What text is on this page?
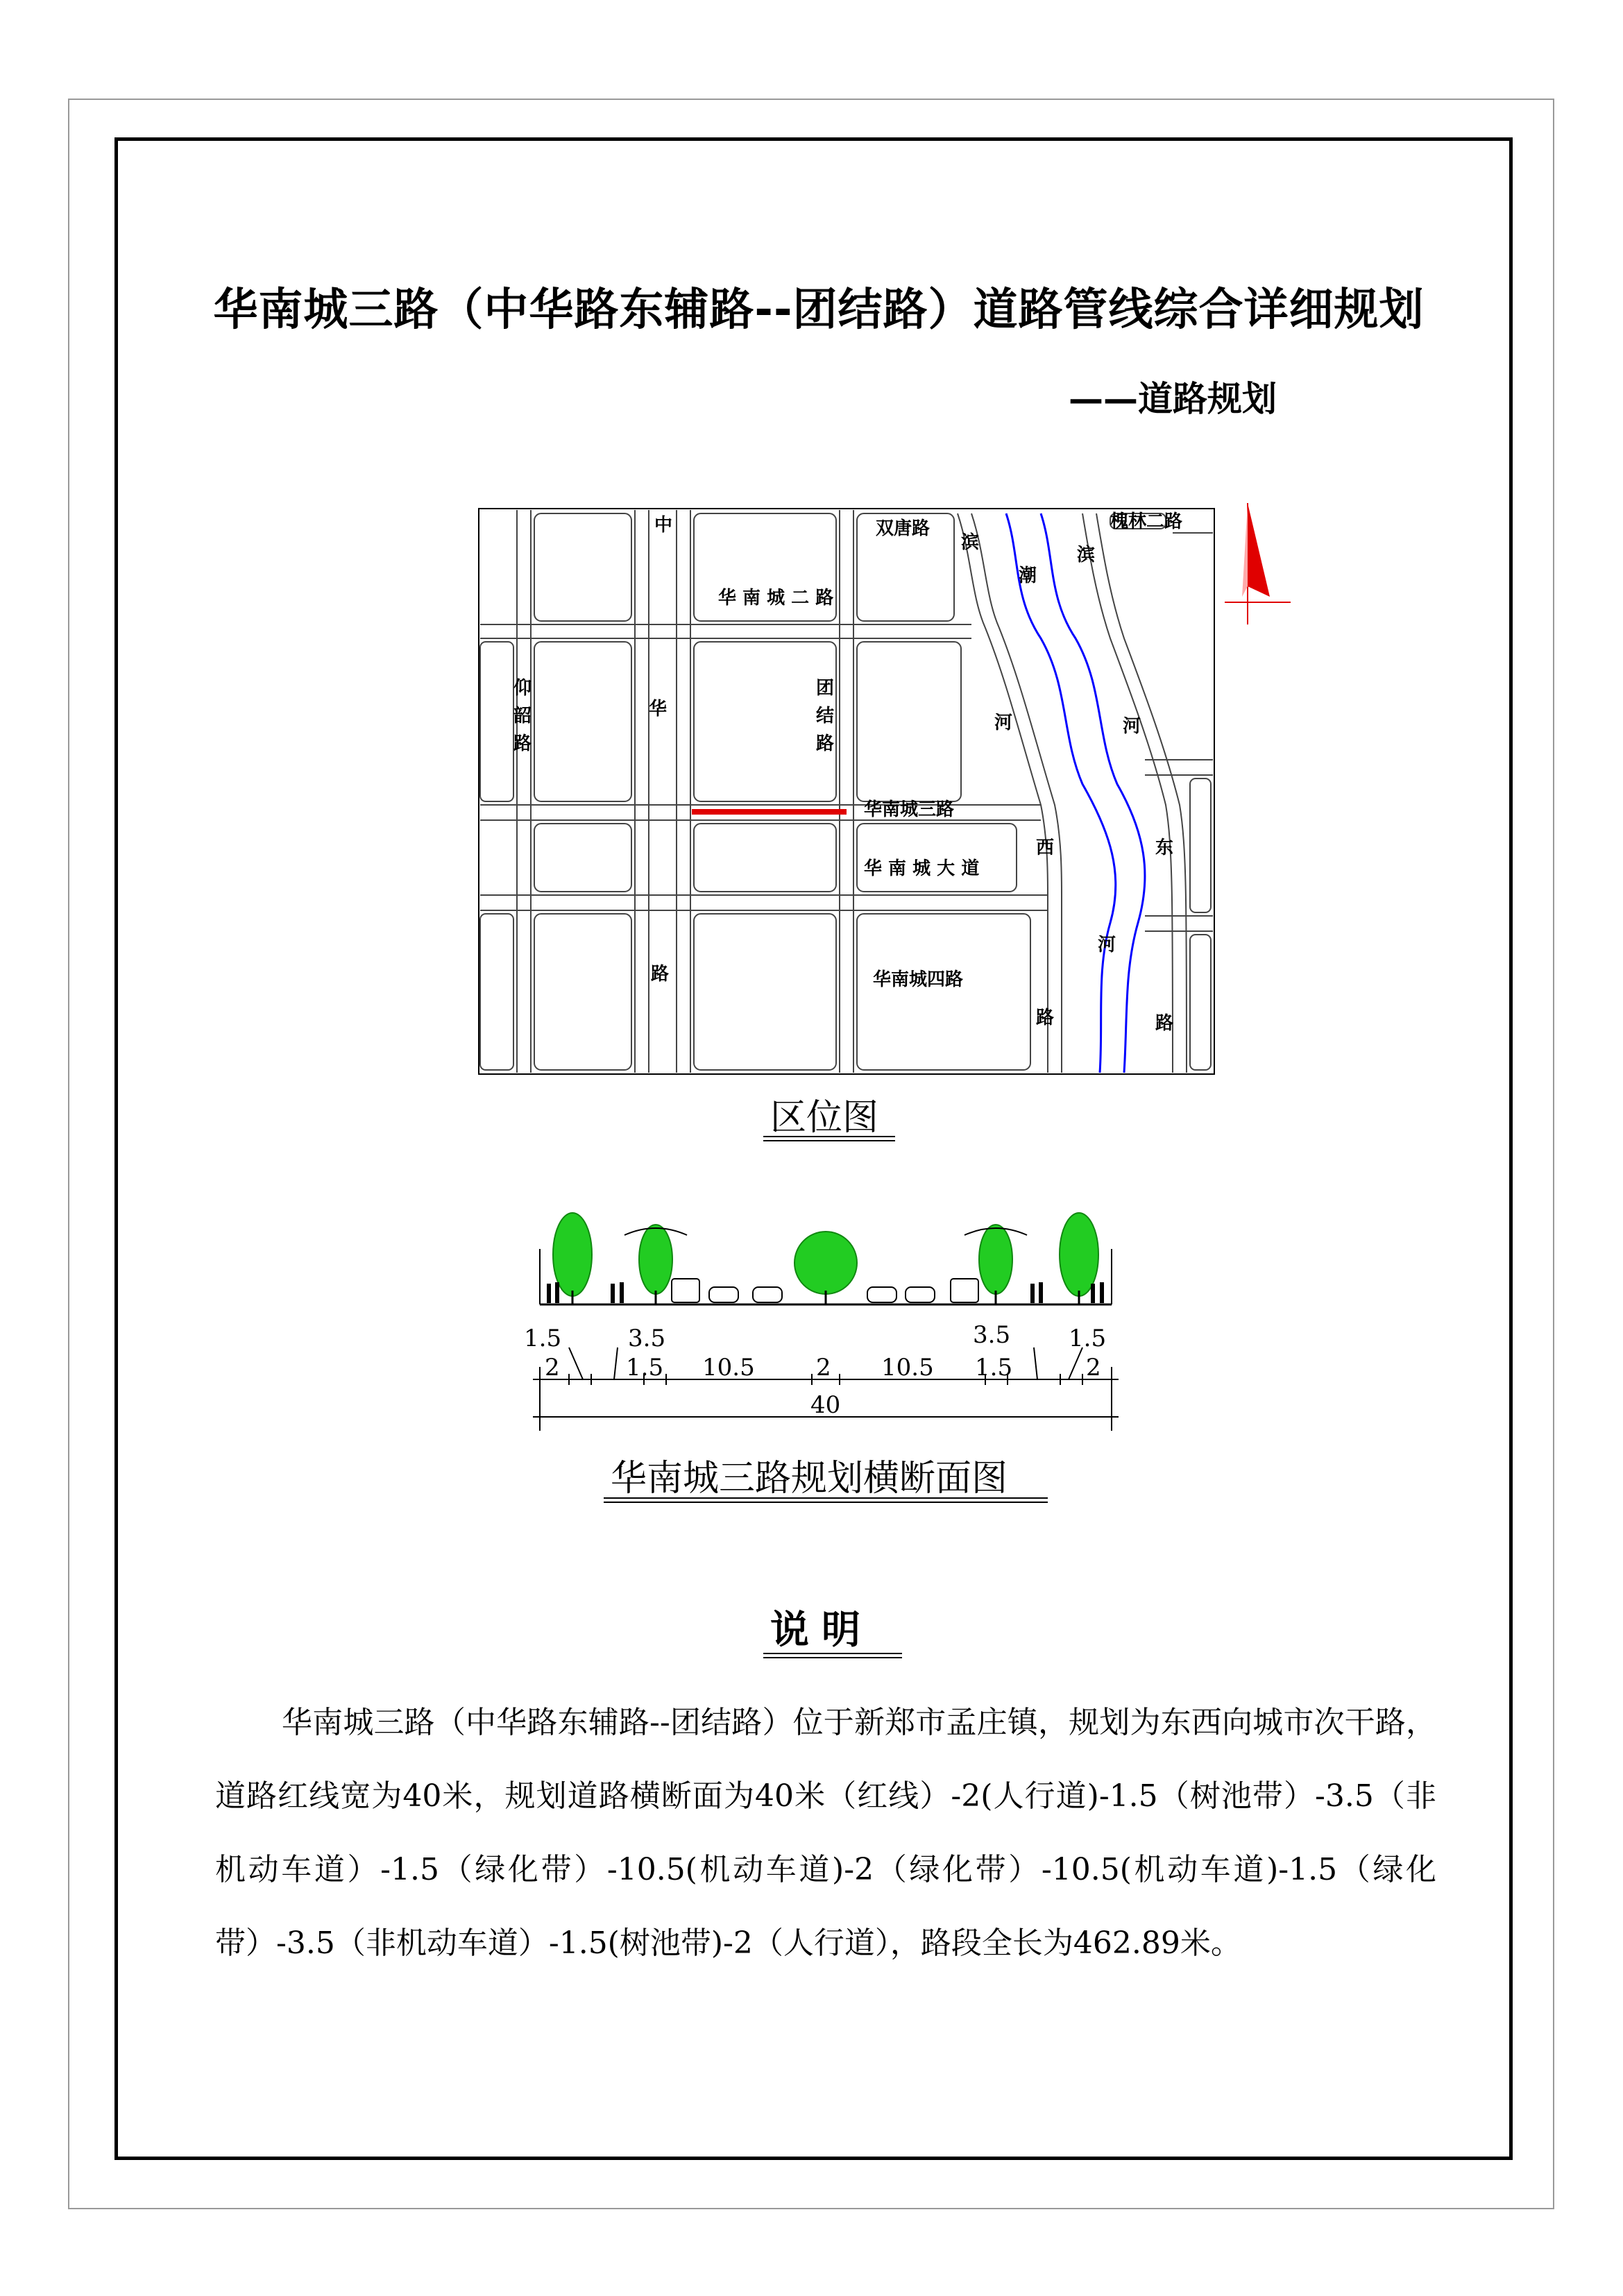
华南城三路（中华路东辅路--团结路）道路管线综合详细规划
——道路规划
中
华
路
双唐路	槐林二路
滨
潮
滨
华 南 城 二 路
仰
韶
路
团
结
路
河	河
华南城三路
西	东
华 南 城 大 道
河
华南城四路
路	路
1.5	3.5	3.5 1.5
2	1.5 10.5	2 10.5 1.5	2
40
区位图
华南城三路规划横断面图
说明
华南城三路（中华路东辅路--团结路）位于新郑市孟庄镇，规划为东西向城市次干路，道路红线宽为40米，规划道路横断面为40米（红线）-2(人行道)-1.5（树池带）-3.5（非机动车道）-1.5（绿化带）-10.5(机动车道)-2（绿化带）-10.5(机动车道)-1.5（绿化带）-3.5（非机动车道）-1.5(树池带)-2（人行道），路段全长为462.89米。
